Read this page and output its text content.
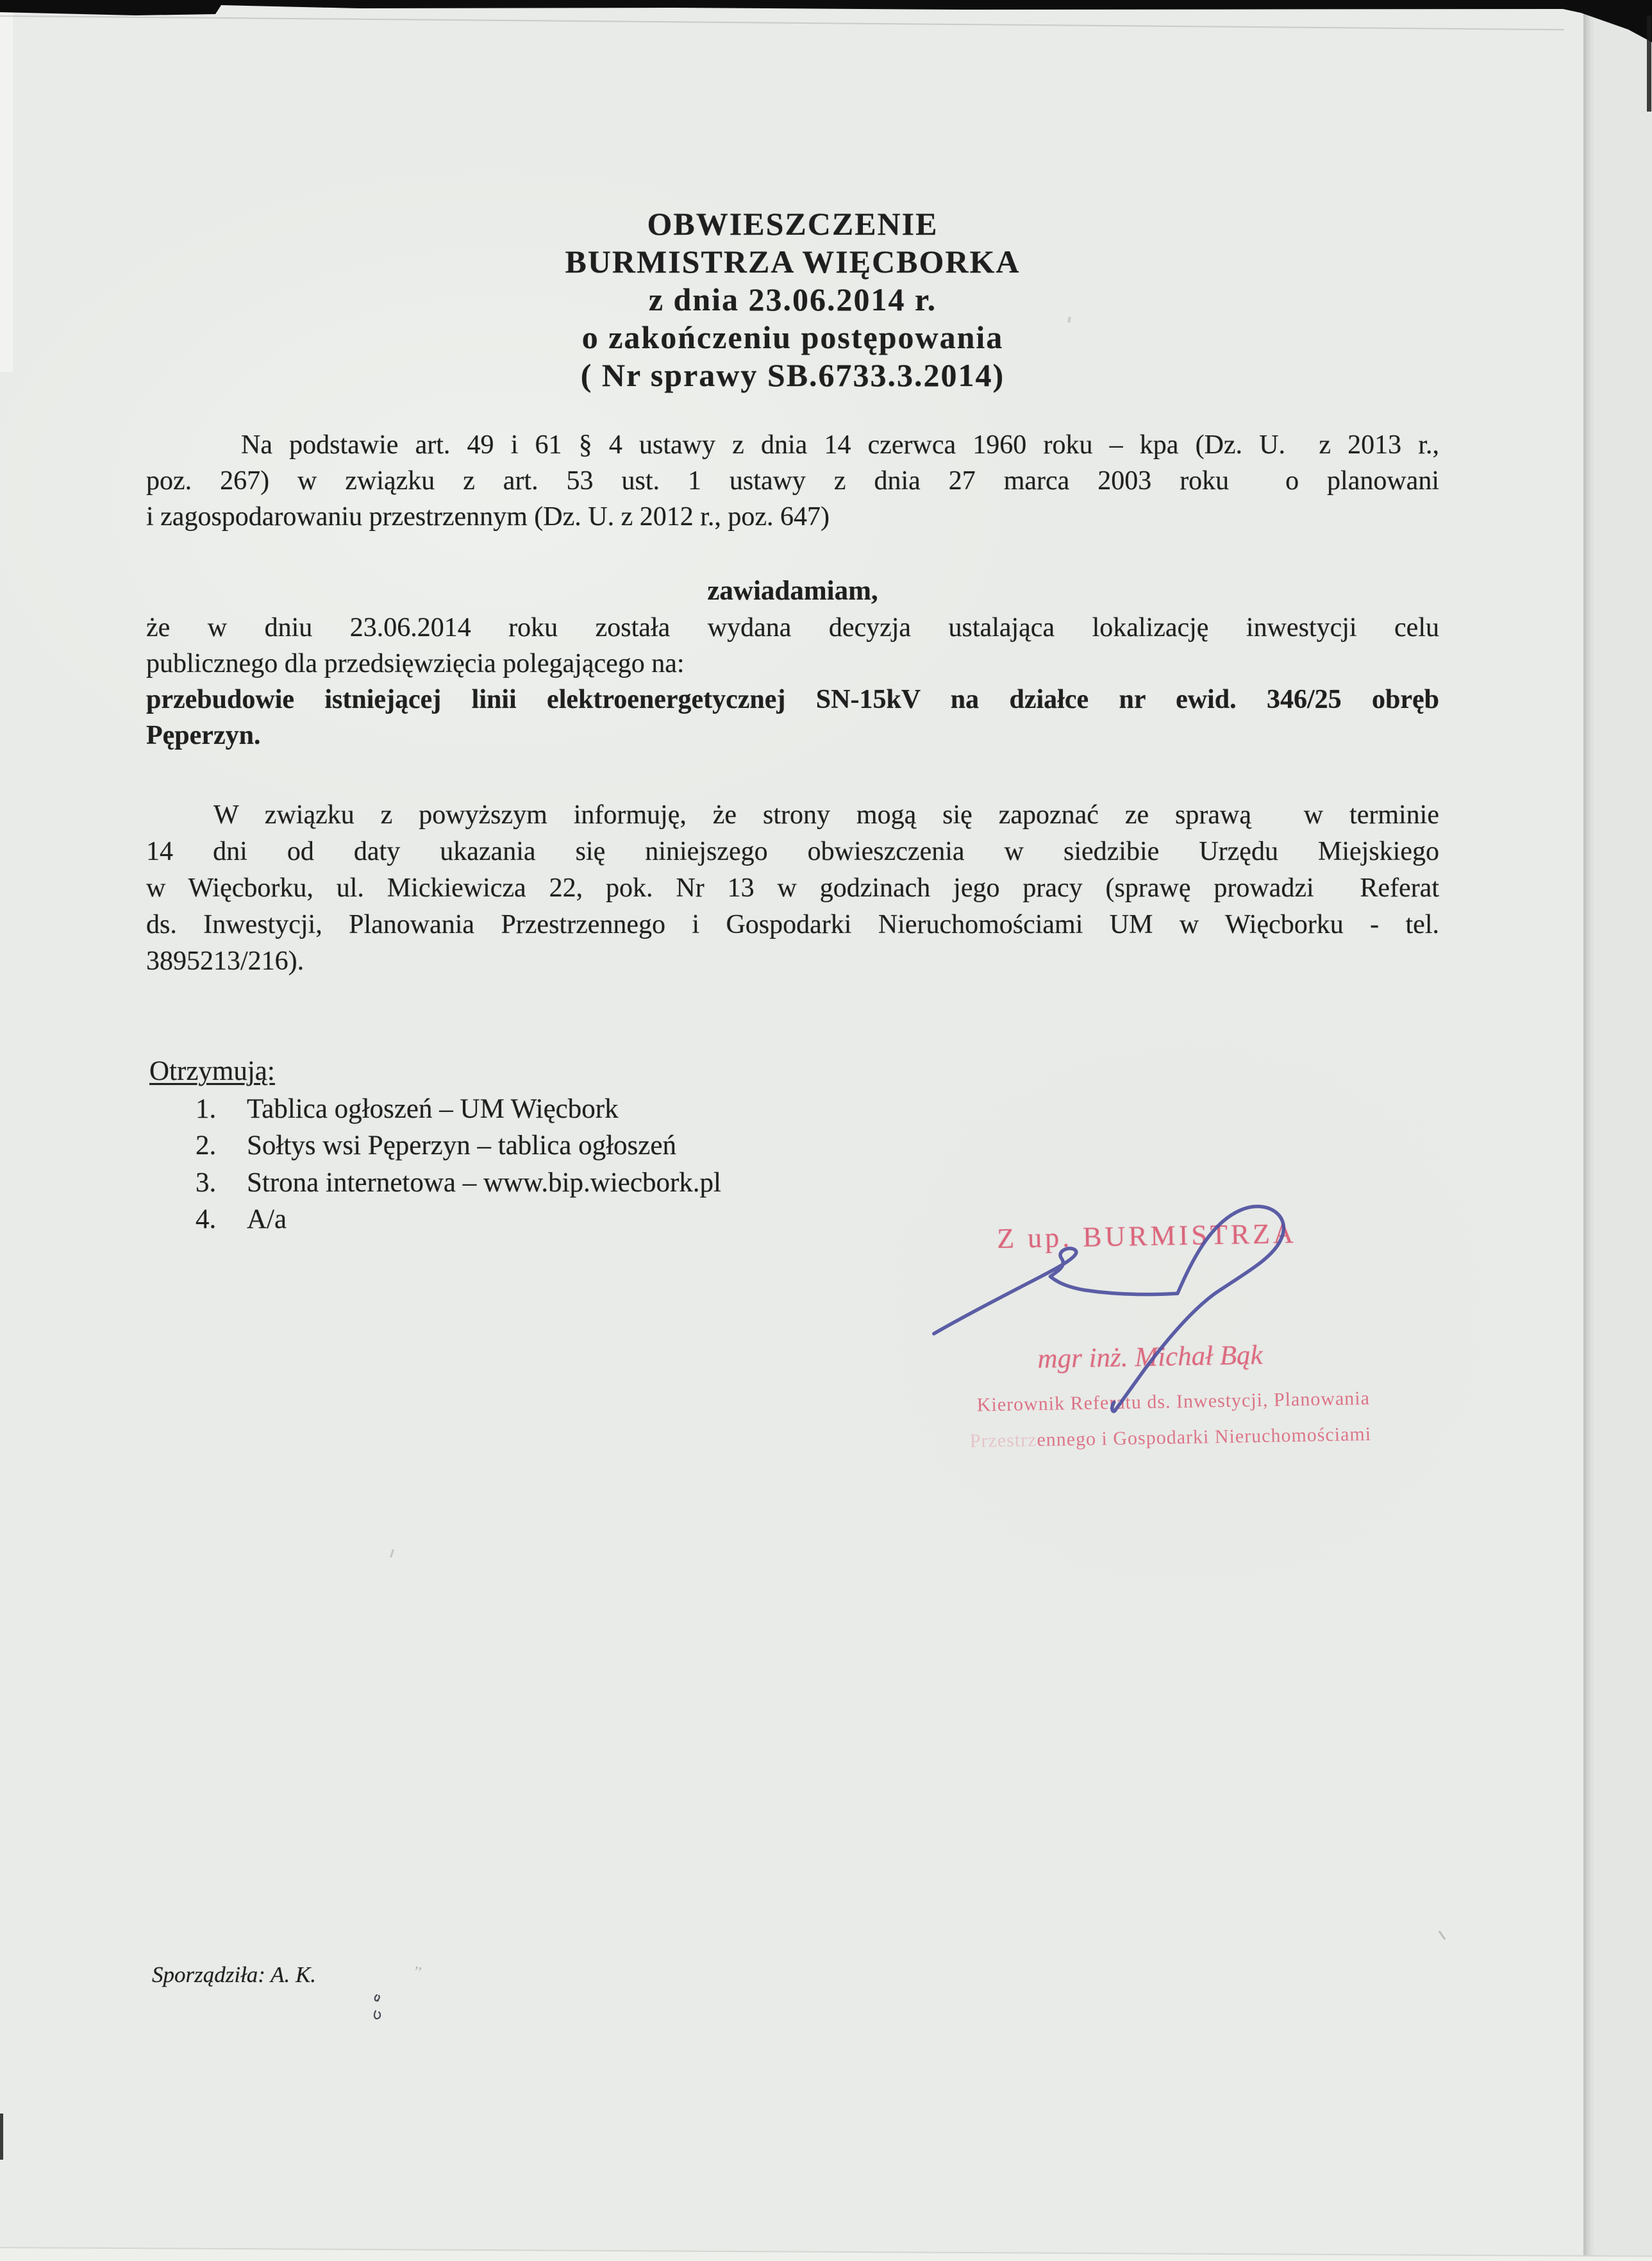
OBWIESZCZENIE
BURMISTRZA WIĘCBORKA
z dnia 23.06.2014 r.
o zakończeniu postępowania
( Nr sprawy SB.6733.3.2014)
Na podstawie art. 49 i 61 § 4 ustawy z dnia 14 czerwca 1960 roku – kpa (Dz. U.  z 2013 r.,
poz. 267) w związku z art. 53 ust. 1 ustawy z dnia 27 marca 2003 roku  o planowani
i zagospodarowaniu przestrzennym (Dz. U. z 2012 r., poz. 647)
zawiadamiam,
że w dniu 23.06.2014 roku została wydana decyzja ustalająca lokalizację inwestycji celu
publicznego dla przedsięwzięcia polegającego na:
przebudowie istniejącej linii elektroenergetycznej SN-15kV na działce nr ewid. 346/25 obręb
Pęperzyn.
W związku z powyższym informuję, że strony mogą się zapoznać ze sprawą  w terminie
14 dni od daty ukazania się niniejszego obwieszczenia w siedzibie Urzędu Miejskiego
w Więcborku, ul. Mickiewicza 22, pok. Nr 13 w godzinach jego pracy (sprawę prowadzi  Referat
ds. Inwestycji, Planowania Przestrzennego i Gospodarki Nieruchomościami UM w Więcborku - tel.
3895213/216).
Otrzymują:
1. Tablica ogłoszeń – UM Więcbork
2. Sołtys wsi Pęperzyn – tablica ogłoszeń
3. Strona internetowa – www.bip.wiecbork.pl
4. A/a	Z up. BURMISTRZA
mgr inż. Michał Bąk
Kierownik Referatu ds. Inwestycji, Planowania
Przestrzennego i Gospodarki Nieruchomościami
Sporządziła: A. K.	’’
